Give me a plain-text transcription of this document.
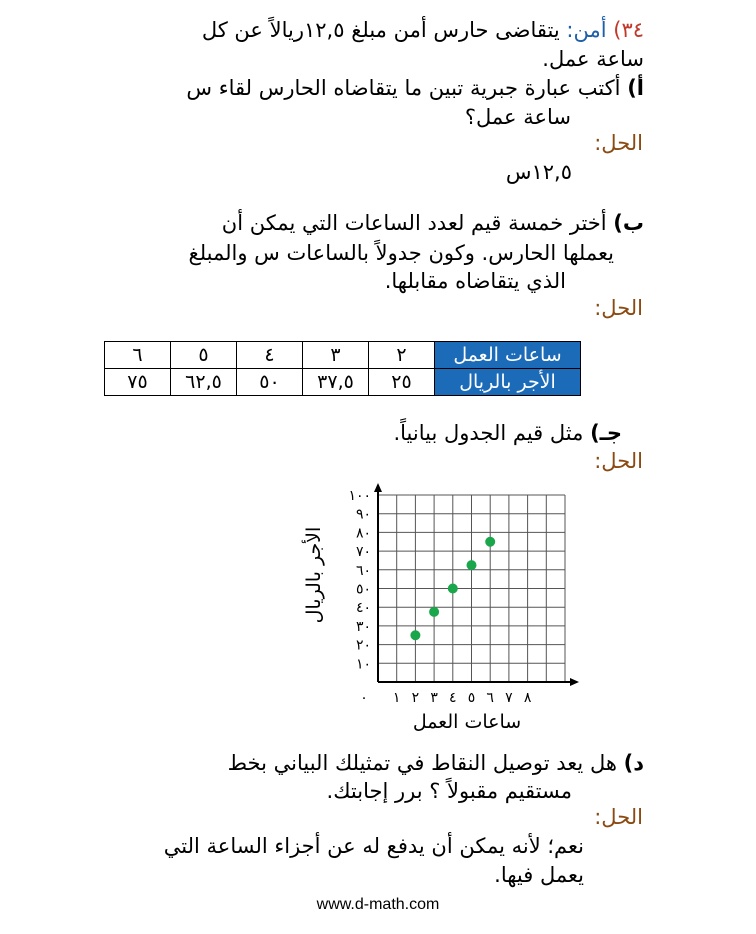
٣٤) أمن: يتقاضى حارس أمن مبلغ ١٢,٥ريالاً عن كل
ساعة عمل.
أ) أكتب عبارة جبرية تبين ما يتقاضاه الحارس لقاء س
ساعة عمل؟
الحل:
١٢,٥س
ب) أختر خمسة قيم لعدد الساعات التي يمكن أن
يعملها الحارس. وكون جدولاً بالساعات س والمبلغ
الذي يتقاضاه مقابلها.
الحل:
ساعات العمل	٢	٣	٤	٥	٦
الأجر بالريال	٢٥	٣٧,٥	٥٠	٦٢,٥	٧٥
جـ) مثل قيم الجدول بيانياً.
الحل:
١٠
٢٠
٣٠
٤٠
٥٠
٦٠
٧٠
٨٠
٩٠
١٠٠
٠ ١ ٢ ٣ ٤ ٥ ٦ ٧ ٨
ساعات العمل
الأجر بالريال
د) هل يعد توصيل النقاط في تمثيلك البياني بخط
مستقيم مقبولاً ؟ برر إجابتك.
الحل:
نعم؛ لأنه يمكن أن يدفع له عن أجزاء الساعة التي
يعمل فيها.
www.d-math.com
